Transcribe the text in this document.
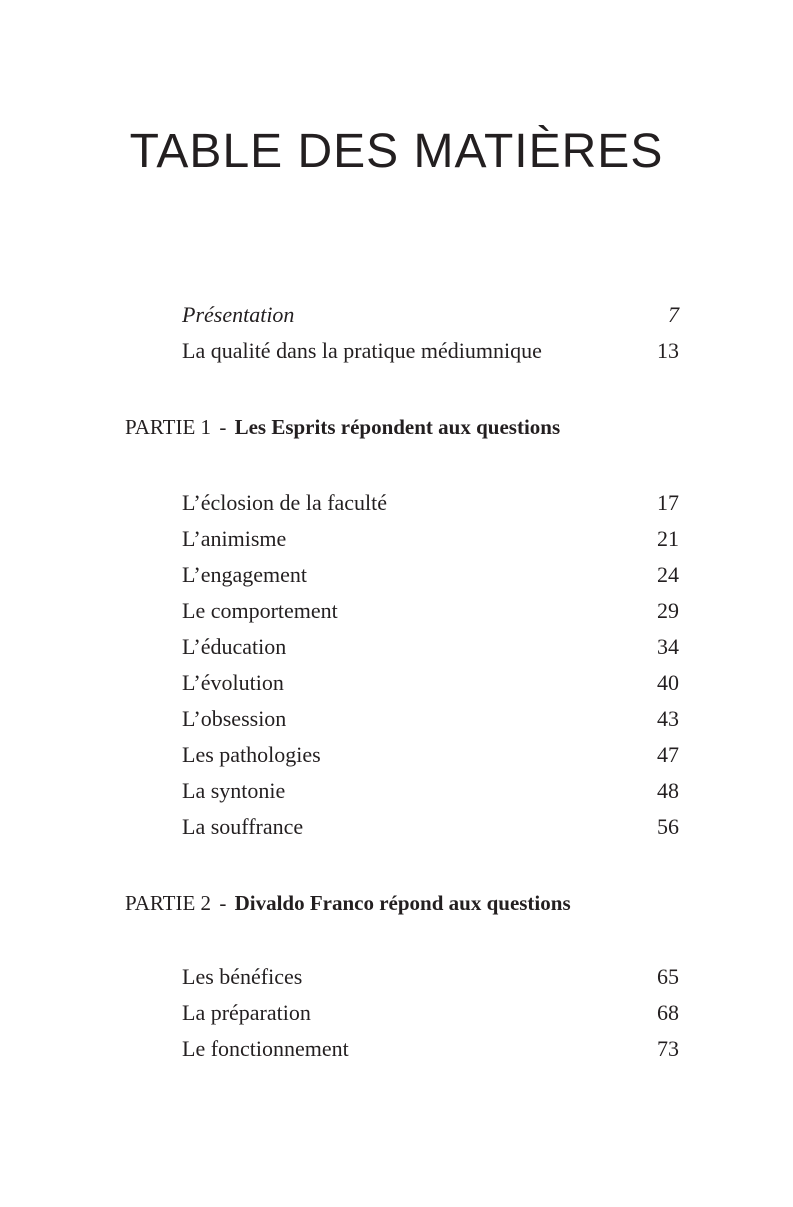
TABLE DES MATIÈRES
Présentation	7
La qualité dans la pratique médiumnique	13
PARTIE 1 - Les Esprits répondent aux questions
L’éclosion de la faculté	17
L’animisme	21
L’engagement	24
Le comportement	29
L’éducation	34
L’évolution	40
L’obsession	43
Les pathologies	47
La syntonie	48
La souffrance	56
PARTIE 2 - Divaldo Franco répond aux questions
Les bénéfices	65
La préparation	68
Le fonctionnement	73
